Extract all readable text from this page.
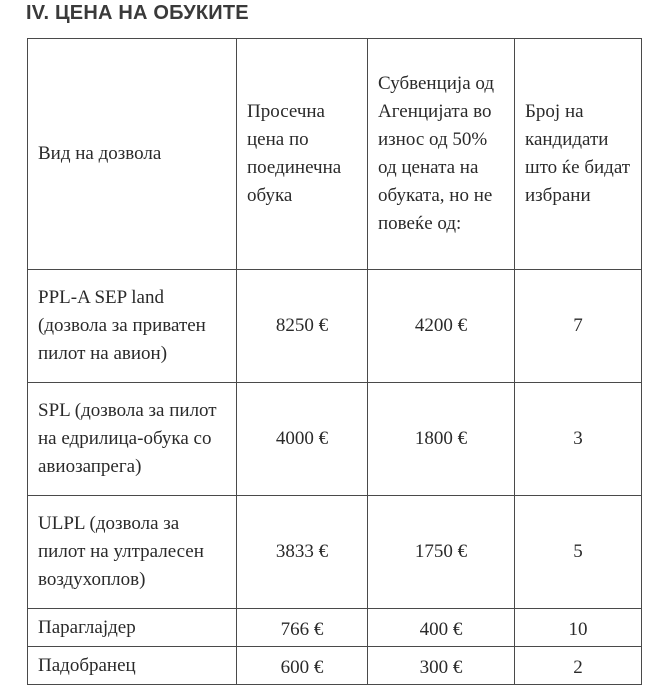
IV. ЦЕНА НА ОБУКИТЕ
Вид на дозвола	Просечна цена по поединечна обука	Субвенција од Агенцијата во износ од 50% од цената на обуката, но не повеќе од:	Број на кандидати што ќе бидат избрани
PPL-A SEP land (дозвола за приватен пилот на авион)	8250 €	4200 €	7
SPL (дозвола за пилот на едрилица-обука со авиозапрега)	4000 €	1800 €	3
ULPL (дозвола за пилот на ултралесен воздухоплов)	3833 €	1750 €	5
Параглајдер	766 €	400 €	10
Падобранец	600 €	300 €	2
